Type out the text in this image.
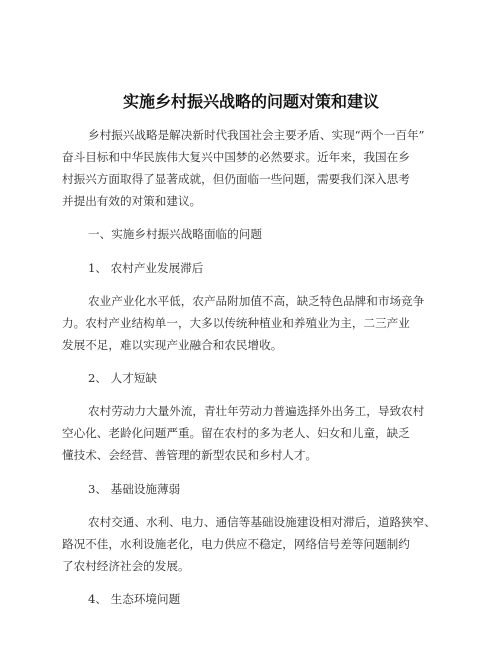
实施乡村振兴战略的问题对策和建议
乡村振兴战略是解决新时代我国社会主要矛盾、实现“两个一百年”
奋斗目标和中华民族伟大复兴中国梦的必然要求。近年来，我国在乡
村振兴方面取得了显著成就，但仍面临一些问题，需要我们深入思考
并提出有效的对策和建议。
一、实施乡村振兴战略面临的问题
1、 农村产业发展滞后
农业产业化水平低，农产品附加值不高，缺乏特色品牌和市场竞争
力。农村产业结构单一，大多以传统种植业和养殖业为主，二三产业
发展不足，难以实现产业融合和农民增收。
2、 人才短缺
农村劳动力大量外流，青壮年劳动力普遍选择外出务工，导致农村
空心化、老龄化问题严重。留在农村的多为老人、妇女和儿童，缺乏
懂技术、会经营、善管理的新型农民和乡村人才。
3、 基础设施薄弱
农村交通、水利、电力、通信等基础设施建设相对滞后，道路狭窄、
路况不佳，水利设施老化，电力供应不稳定，网络信号差等问题制约
了农村经济社会的发展。
4、 生态环境问题
